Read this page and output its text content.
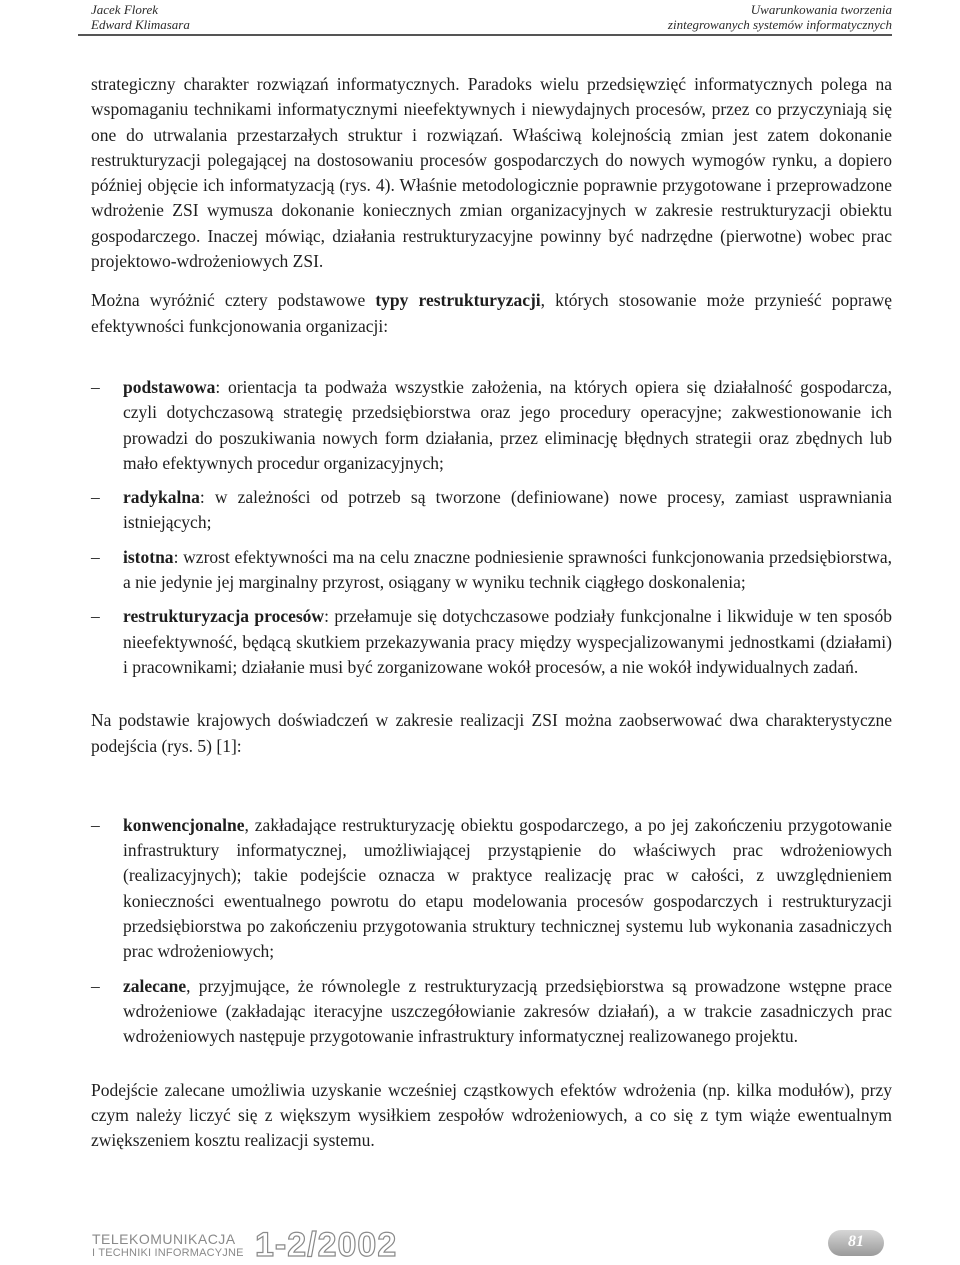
Jacek Florek
Edward Klimasara
Uwarunkowania tworzenia
zintegrowanych systemów informatycznych

strategiczny charakter rozwiązań informatycznych. Paradoks wielu przedsięwzięć informatycznych polega na wspomaganiu technikami informatycznymi nieefektywnych i niewydajnych procesów, przez co przyczyniają się one do utrwalania przestarzałych struktur i rozwiązań. Właściwą kolejnością zmian jest zatem dokonanie restrukturyzacji polegającej na dostosowaniu procesów gospodarczych do nowych wymogów rynku, a dopiero później objęcie ich informatyzacją (rys. 4). Właśnie metodologicznie poprawnie przygotowane i przeprowadzone wdrożenie ZSI wymusza dokonanie koniecznych zmian organizacyjnych w zakresie restrukturyzacji obiektu gospodarczego. Inaczej mówiąc, działania restrukturyzacyjne powinny być nadrzędne (pierwotne) wobec prac projektowo-wdrożeniowych ZSI.

Można wyróżnić cztery podstawowe typy restrukturyzacji, których stosowanie może przynieść poprawę efektywności funkcjonowania organizacji:

– podstawowa: orientacja ta podważa wszystkie założenia, na których opiera się działalność gospodarcza, czyli dotychczasową strategię przedsiębiorstwa oraz jego procedury operacyjne; zakwestionowanie ich prowadzi do poszukiwania nowych form działania, przez eliminację błędnych strategii oraz zbędnych lub mało efektywnych procedur organizacyjnych;
– radykalna: w zależności od potrzeb są tworzone (definiowane) nowe procesy, zamiast usprawniania istniejących;
– istotna: wzrost efektywności ma na celu znaczne podniesienie sprawności funkcjonowania przedsiębiorstwa, a nie jedynie jej marginalny przyrost, osiągany w wyniku technik ciągłego doskonalenia;
– restrukturyzacja procesów: przełamuje się dotychczasowe podziały funkcjonalne i likwiduje w ten sposób nieefektywność, będącą skutkiem przekazywania pracy między wyspecjalizowanymi jednostkami (działami) i pracownikami; działanie musi być zorganizowane wokół procesów, a nie wokół indywidualnych zadań.

Na podstawie krajowych doświadczeń w zakresie realizacji ZSI można zaobserwować dwa charakterystyczne podejścia (rys. 5) [1]:

– konwencjonalne, zakładające restrukturyzację obiektu gospodarczego, a po jej zakończeniu przygotowanie infrastruktury informatycznej, umożliwiającej przystąpienie do właściwych prac wdrożeniowych (realizacyjnych); takie podejście oznacza w praktyce realizację prac w całości, z uwzględnieniem konieczności ewentualnego powrotu do etapu modelowania procesów gospodarczych i restrukturyzacji przedsiębiorstwa po zakończeniu przygotowania struktury technicznej systemu lub wykonania zasadniczych prac wdrożeniowych;
– zalecane, przyjmujące, że równolegle z restrukturyzacją przedsiębiorstwa są prowadzone wstępne prace wdrożeniowe (zakładając iteracyjne uszczegółowianie zakresów działań), a w trakcie zasadniczych prac wdrożeniowych następuje przygotowanie infrastruktury informatycznej realizowanego projektu.

Podejście zalecane umożliwia uzyskanie wcześniej cząstkowych efektów wdrożenia (np. kilka modułów), przy czym należy liczyć się z większym wysiłkiem zespołów wdrożeniowych, a co się z tym wiąże ewentualnym zwiększeniem kosztu realizacji systemu.

TELEKOMUNIKACJA
I TECHNIKI INFORMACYJNE 1-2/2002	81
